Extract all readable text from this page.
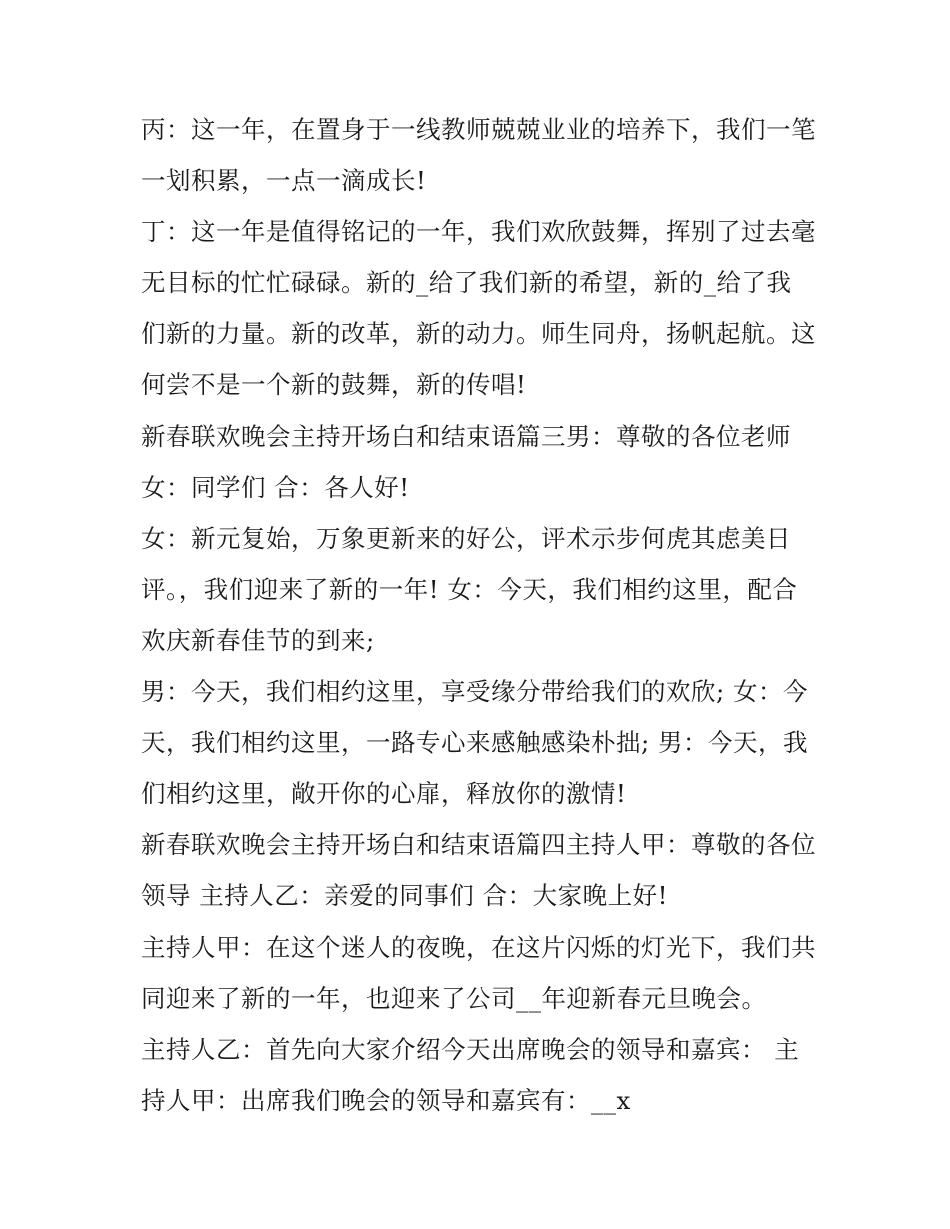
丙：这一年，在置身于一线教师兢兢业业的培养下，我们一笔
一划积累，一点一滴成长!
丁：这一年是值得铭记的一年，我们欢欣鼓舞，挥别了过去毫
无目标的忙忙碌碌。新的_给了我们新的希望，新的_给了我
们新的力量。新的改革，新的动力。师生同舟，扬帆起航。这
何尝不是一个新的鼓舞，新的传唱!
新春联欢晚会主持开场白和结束语篇三男：尊敬的各位老师
女：同学们 合：各人好!
女：新元复始，万象更新来的好公，评术示步何虎其虑美日
评。，我们迎来了新的一年! 女：今天，我们相约这里，配合
欢庆新春佳节的到来;
男：今天，我们相约这里，享受缘分带给我们的欢欣; 女：今
天，我们相约这里，一路专心来感触感染朴拙; 男：今天，我
们相约这里，敞开你的心扉，释放你的激情!
新春联欢晚会主持开场白和结束语篇四主持人甲：尊敬的各位
领导 主持人乙：亲爱的同事们 合：大家晚上好!
主持人甲：在这个迷人的夜晚，在这片闪烁的灯光下，我们共
同迎来了新的一年，也迎来了公司__年迎新春元旦晚会。
主持人乙：首先向大家介绍今天出席晚会的领导和嘉宾： 主
持人甲：出席我们晚会的领导和嘉宾有：__x
